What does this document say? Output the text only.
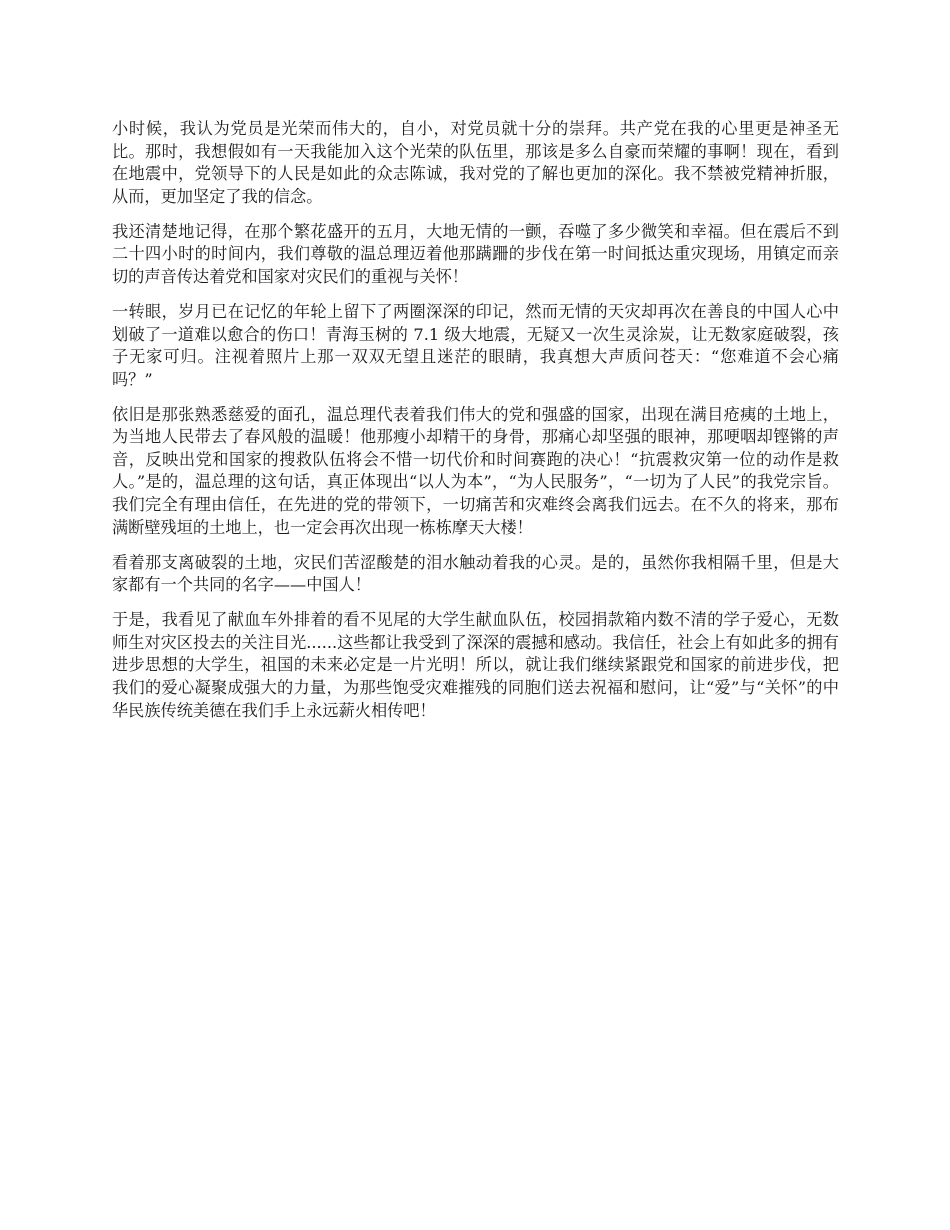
小时候，我认为党员是光荣而伟大的，自小，对党员就十分的崇拜。共产党在我的心里更是神圣无比。那时，我想假如有一天我能加入这个光荣的队伍里，那该是多么自豪而荣耀的事啊！现在，看到在地震中，党领导下的人民是如此的众志陈诚，我对党的了解也更加的深化。我不禁被党精神折服，从而，更加坚定了我的信念。

我还清楚地记得，在那个繁花盛开的五月，大地无情的一颤，吞噬了多少微笑和幸福。但在震后不到二十四小时的时间内，我们尊敬的温总理迈着他那蹒跚的步伐在第一时间抵达重灾现场，用镇定而亲切的声音传达着党和国家对灾民们的重视与关怀！

一转眼，岁月已在记忆的年轮上留下了两圈深深的印记，然而无情的天灾却再次在善良的中国人心中划破了一道难以愈合的伤口！青海玉树的 7.1 级大地震，无疑又一次生灵涂炭，让无数家庭破裂，孩子无家可归。注视着照片上那一双双无望且迷茫的眼睛，我真想大声质问苍天：“您难道不会心痛吗？”

依旧是那张熟悉慈爱的面孔，温总理代表着我们伟大的党和强盛的国家，出现在满目疮痍的土地上，为当地人民带去了春风般的温暖！他那瘦小却精干的身骨，那痛心却坚强的眼神，那哽咽却铿锵的声音，反映出党和国家的搜救队伍将会不惜一切代价和时间赛跑的决心！“抗震救灾第一位的动作是救人。”是的，温总理的这句话，真正体现出“以人为本”，“为人民服务”，“一切为了人民”的我党宗旨。我们完全有理由信任，在先进的党的带领下，一切痛苦和灾难终会离我们远去。在不久的将来，那布满断壁残垣的土地上，也一定会再次出现一栋栋摩天大楼！

看着那支离破裂的土地，灾民们苦涩酸楚的泪水触动着我的心灵。是的，虽然你我相隔千里，但是大家都有一个共同的名字——中国人！

于是，我看见了献血车外排着的看不见尾的大学生献血队伍，校园捐款箱内数不清的学子爱心，无数师生对灾区投去的关注目光......这些都让我受到了深深的震撼和感动。我信任，社会上有如此多的拥有进步思想的大学生，祖国的未来必定是一片光明！所以，就让我们继续紧跟党和国家的前进步伐，把我们的爱心凝聚成强大的力量，为那些饱受灾难摧残的同胞们送去祝福和慰问，让“爱”与“关怀”的中华民族传统美德在我们手上永远薪火相传吧！
